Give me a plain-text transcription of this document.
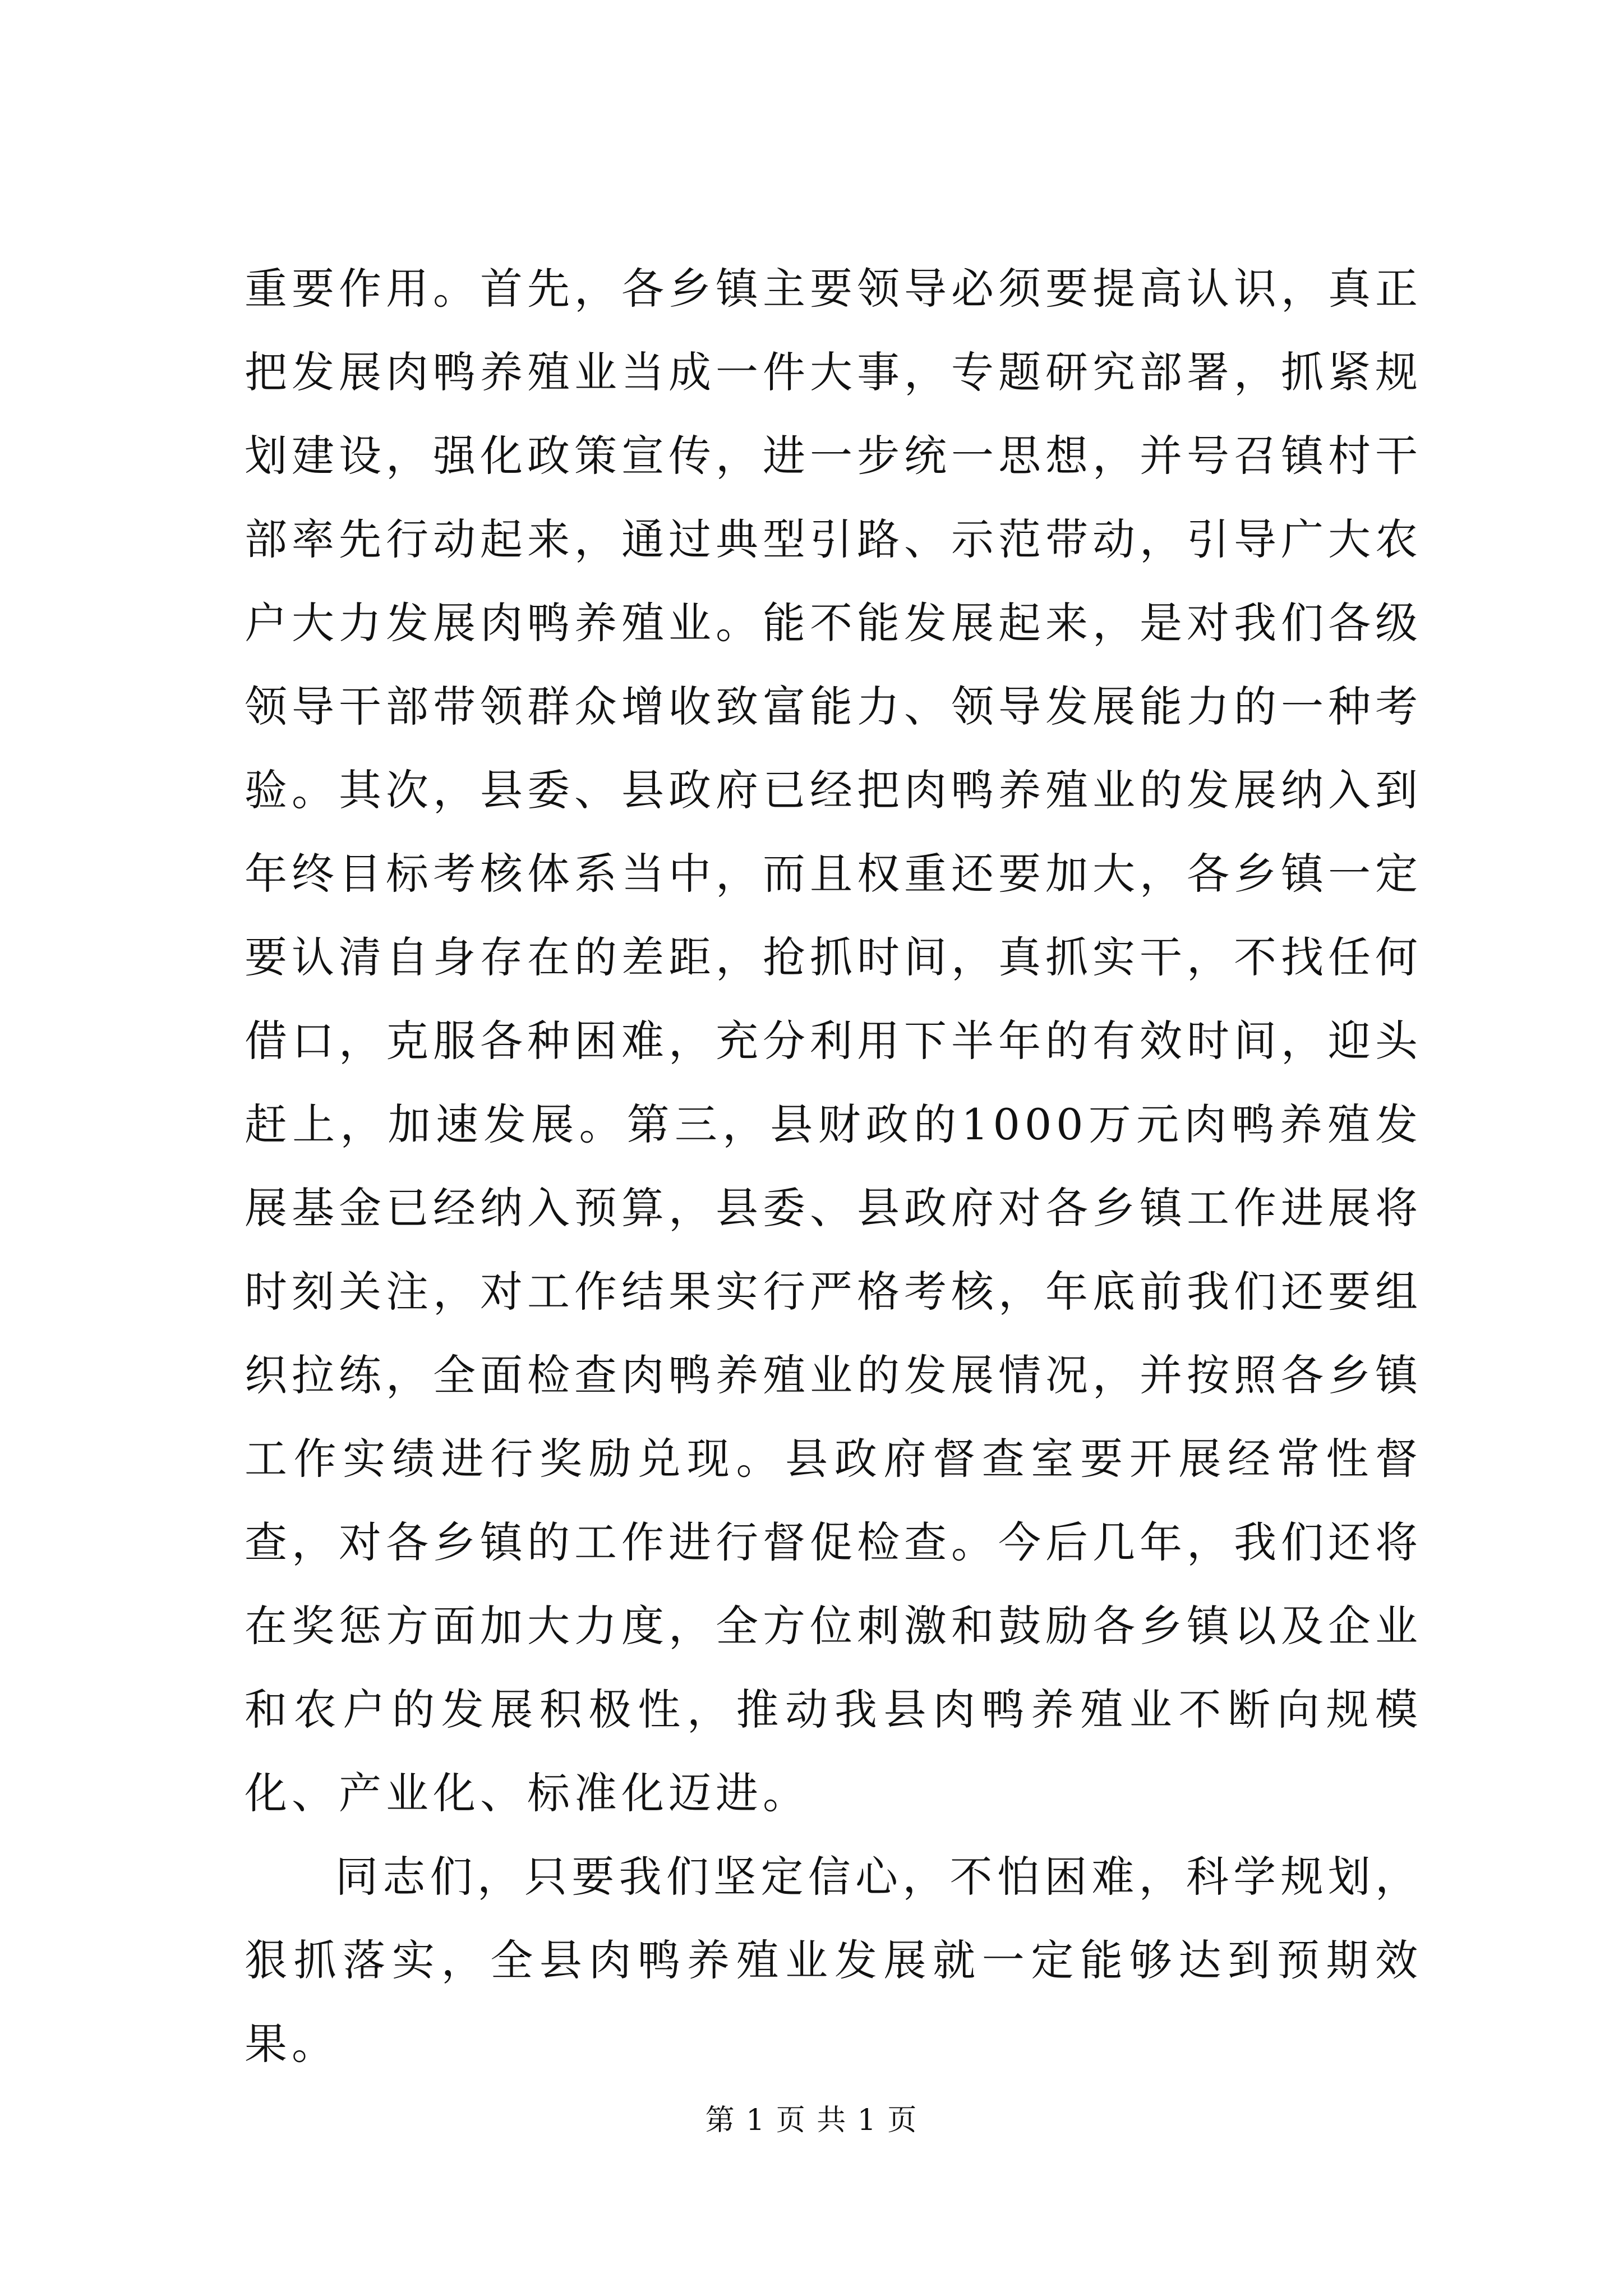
重要作用。首先，各乡镇主要领导必须要提高认识，真正把发展肉鸭养殖业当成一件大事，专题研究部署，抓紧规划建设，强化政策宣传，进一步统一思想，并号召镇村干部率先行动起来，通过典型引路、示范带动，引导广大农户大力发展肉鸭养殖业。能不能发展起来，是对我们各级领导干部带领群众增收致富能力、领导发展能力的一种考验。其次，县委、县政府已经把肉鸭养殖业的发展纳入到年终目标考核体系当中，而且权重还要加大，各乡镇一定要认清自身存在的差距，抢抓时间，真抓实干，不找任何借口，克服各种困难，充分利用下半年的有效时间，迎头赶上，加速发展。第三，县财政的1000万元肉鸭养殖发展基金已经纳入预算，县委、县政府对各乡镇工作进展将时刻关注，对工作结果实行严格考核，年底前我们还要组织拉练，全面检查肉鸭养殖业的发展情况，并按照各乡镇工作实绩进行奖励兑现。县政府督查室要开展经常性督查，对各乡镇的工作进行督促检查。今后几年，我们还将在奖惩方面加大力度，全方位刺激和鼓励各乡镇以及企业和农户的发展积极性，推动我县肉鸭养殖业不断向规模化、产业化、标准化迈进。

同志们，只要我们坚定信心，不怕困难，科学规划，狠抓落实，全县肉鸭养殖业发展就一定能够达到预期效果。

第 1 页 共 1 页
